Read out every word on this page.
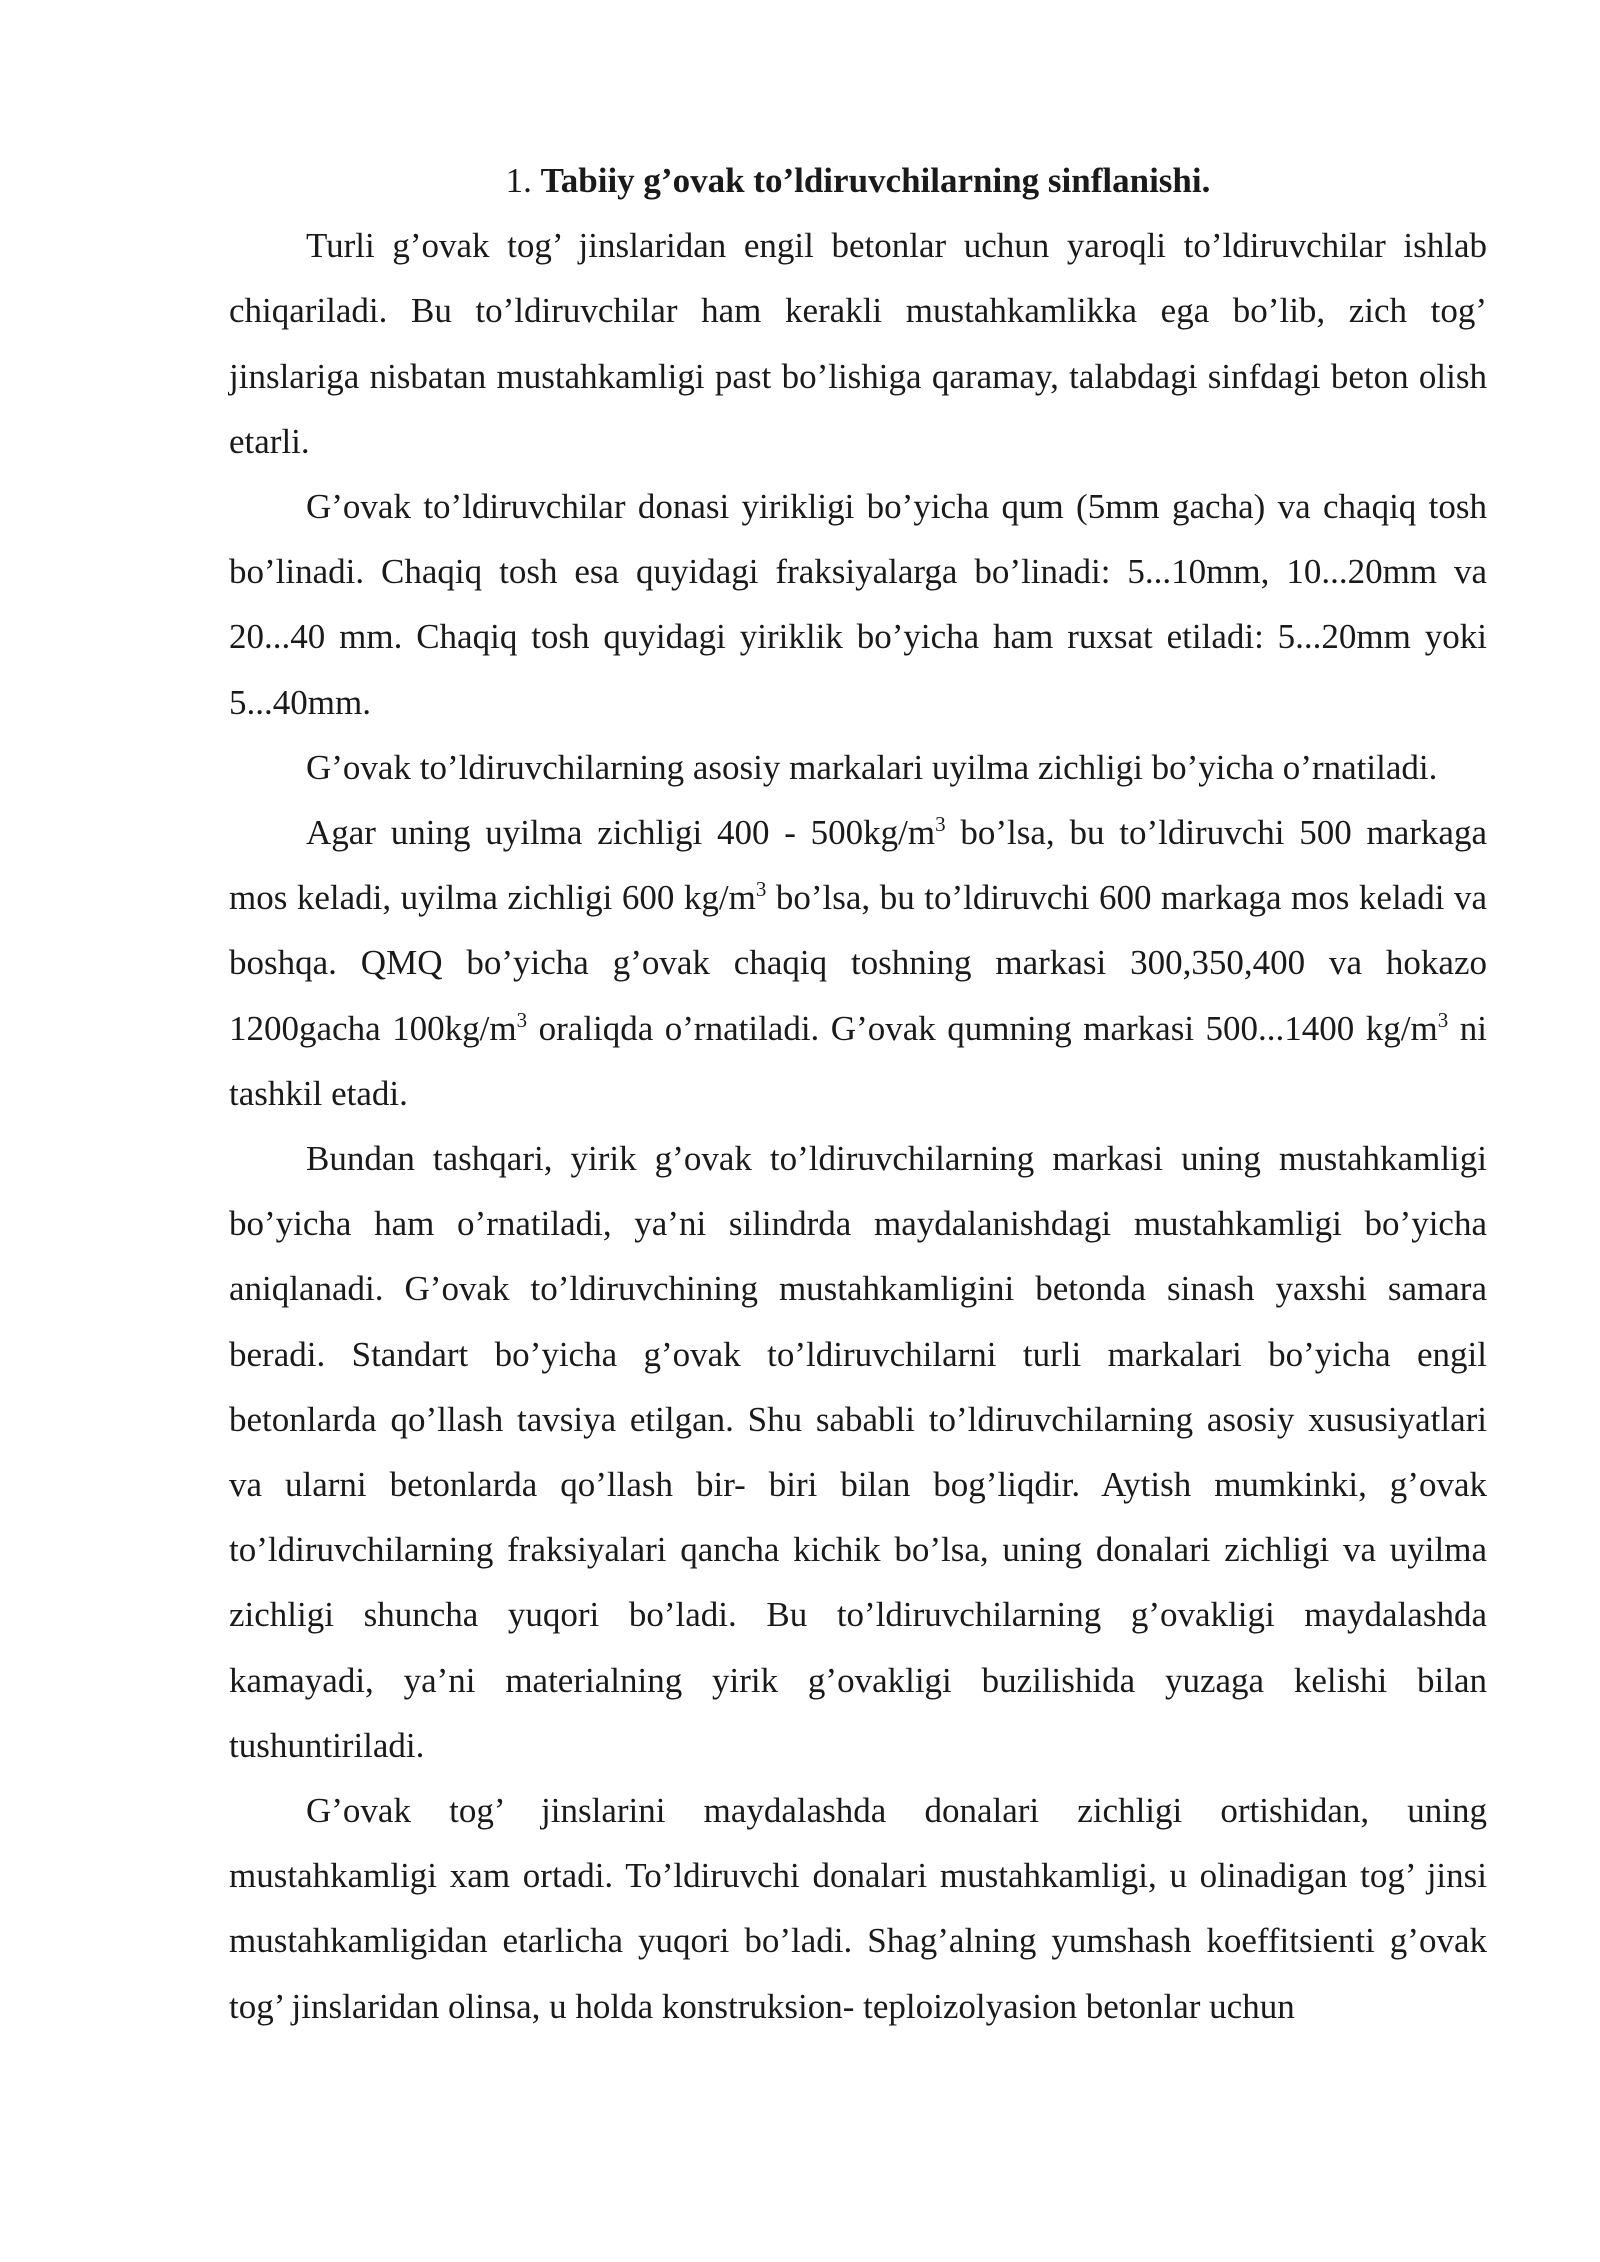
1. Tabiiy g’ovak to’ldiruvchilarning sinflanishi.

Turli g’ovak tog’ jinslaridan engil betonlar uchun yaroqli to’ldiruvchilar ishlab chiqariladi. Bu to’ldiruvchilar ham kerakli mustahkamlikka ega bo’lib, zich tog’ jinslariga nisbatan mustahkamligi past bo’lishiga qaramay, talabdagi sinfdagi beton olish etarli.

G’ovak to’ldiruvchilar donasi yirikligi bo’yicha qum (5mm gacha) va chaqiq tosh bo’linadi. Chaqiq tosh esa quyidagi fraksiyalarga bo’linadi: 5...10mm, 10...20mm va 20...40 mm. Chaqiq tosh quyidagi yiriklik bo’yicha ham ruxsat etiladi: 5...20mm yoki 5...40mm.

G’ovak to’ldiruvchilarning asosiy markalari uyilma zichligi bo’yicha o’rnatiladi.

Agar uning uyilma zichligi $400 - 500kg/m^3$ bo’lsa, bu to’ldiruvchi 500 markaga mos keladi, uyilma zichligi 600 $kg/m^3$ bo’lsa, bu to’ldiruvchi 600 markaga mos keladi va boshqa. QMQ bo’yicha g’ovak chaqiq toshning markasi 300,350,400 va hokazo 1200gacha $100kg/m^3$ oraliqda o’rnatiladi. G’ovak qumning markasi 500...1400 $kg/m^3$ ni tashkil etadi.

Bundan tashqari, yirik g’ovak to’ldiruvchilarning markasi uning mustahkamligi bo’yicha ham o’rnatiladi, ya’ni silindrda maydalanishdagi mustahkamligi bo’yicha aniqlanadi. G’ovak to’ldiruvchining mustahkamligini betonda sinash yaxshi samara beradi. Standart bo’yicha g’ovak to’ldiruvchilarni turli markalari bo’yicha engil betonlarda qo’llash tavsiya etilgan. Shu sababli to’ldiruvchilarning asosiy xususiyatlari va ularni betonlarda qo’llash bir- biri bilan bog’liqdir. Aytish mumkinki, g’ovak to’ldiruvchilarning fraksiyalari qancha kichik bo’lsa, uning donalari zichligi va uyilma zichligi shuncha yuqori bo’ladi. Bu to’ldiruvchilarning g’ovakligi maydalashda kamayadi, ya’ni materialning yirik g’ovakligi buzilishida yuzaga kelishi bilan tushuntiriladi.

G’ovak tog’ jinslarini maydalashda donalari zichligi ortishidan, uning mustahkamligi xam ortadi. To’ldiruvchi donalari mustahkamligi, u olinadigan tog’ jinsi mustahkamligidan etarlicha yuqori bo’ladi. Shag’alning yumshash koeffitsienti g’ovak tog’ jinslaridan olinsa, u holda konstruksion- teploizolyasion betonlar uchun
